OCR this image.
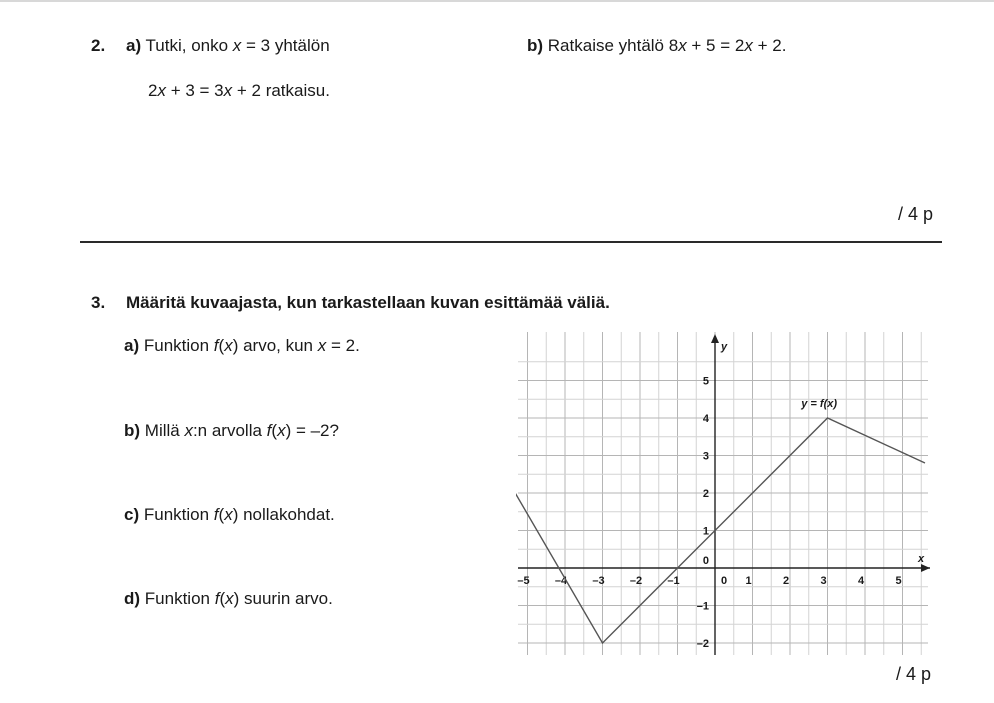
2. a) Tutki, onko x = 3 yhtälön
2x + 3 = 3x + 2 ratkaisu.
b) Ratkaise yhtälö 8x + 5 = 2x + 2.
/ 4 p
3. Määritä kuvaajasta, kun tarkastellaan kuvan esittämää väliä.
a) Funktion f(x) arvo, kun x = 2.
b) Millä x:n arvolla f(x) = –2?
c) Funktion f(x) nollakohdat.
d) Funktion f(x) suurin arvo.
–5 –4 –3 –2 –1	1	2	3	4	5
–2
–1
0
1
2
3
4
5
0
x
y
y = f(x)
/ 4 p
